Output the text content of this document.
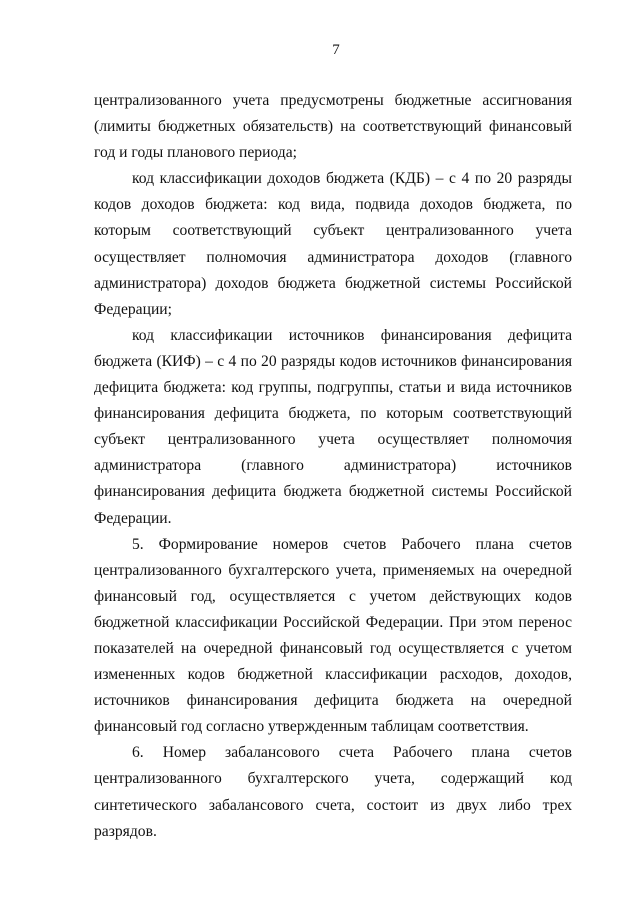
7

централизованного учета предусмотрены бюджетные ассигнования (лимиты бюджетных обязательств) на соответствующий финансовый год и годы планового периода;

код классификации доходов бюджета (КДБ) – с 4 по 20 разряды кодов доходов бюджета: код вида, подвида доходов бюджета, по которым соответствующий субъект централизованного учета осуществляет полномочия администратора доходов (главного администратора) доходов бюджета бюджетной системы Российской Федерации;

код классификации источников финансирования дефицита бюджета (КИФ) – с 4 по 20 разряды кодов источников финансирования дефицита бюджета: код группы, подгруппы, статьи и вида источников финансирования дефицита бюджета, по которым соответствующий субъект централизованного учета осуществляет полномочия администратора (главного администратора) источников финансирования дефицита бюджета бюджетной системы Российской Федерации.

5. Формирование номеров счетов Рабочего плана счетов централизованного бухгалтерского учета, применяемых на очередной финансовый год, осуществляется с учетом действующих кодов бюджетной классификации Российской Федерации. При этом перенос показателей на очередной финансовый год осуществляется с учетом измененных кодов бюджетной классификации расходов, доходов, источников финансирования дефицита бюджета на очередной финансовый год согласно утвержденным таблицам соответствия.

6. Номер забалансового счета Рабочего плана счетов централизованного бухгалтерского учета, содержащий код синтетического забалансового счета, состоит из двух либо трех разрядов.
